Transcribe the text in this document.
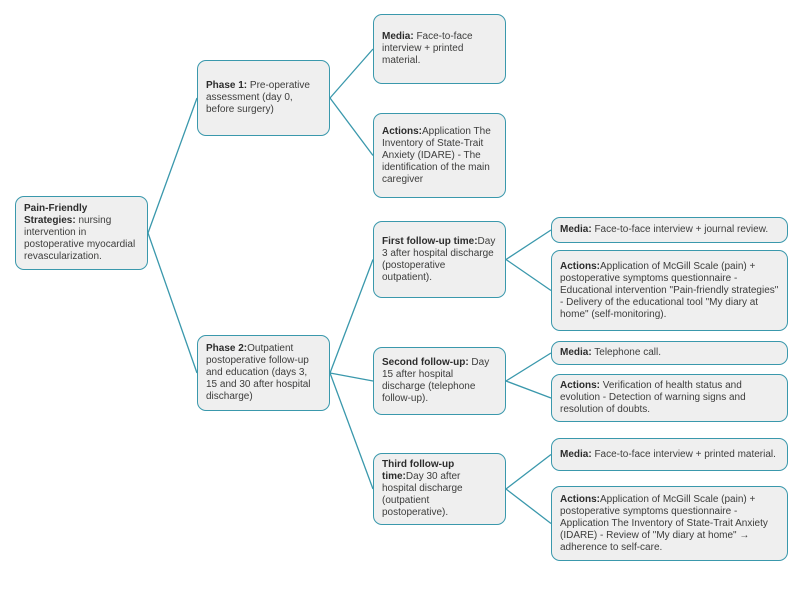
Pain-Friendly Strategies: nursing intervention in postoperative myocardial revascularization.
Phase 1: Pre-operative assessment (day 0, before surgery)
Media: Face-to-face interview + printed material.
Actions:Application The Inventory of State-Trait Anxiety (IDARE) - The identification of the main caregiver
Phase 2:Outpatient postoperative follow-up and education (days 3, 15 and 30 after hospital discharge)
First follow-up time:Day 3 after hospital discharge (postoperative outpatient).
Second follow-up: Day 15 after hospital discharge (telephone follow-up).
Third follow-up time:Day 30 after hospital discharge (outpatient postoperative).
Media: Face-to-face interview + journal review.
Actions:Application of McGill Scale (pain) + postoperative symptoms questionnaire - Educational intervention "Pain-friendly strategies" - Delivery of the educational tool "My diary at home" (self-monitoring).
Media: Telephone call.
Actions: Verification of health status and evolution - Detection of warning signs and resolution of doubts.
Media: Face-to-face interview + printed material.
Actions:Application of McGill Scale (pain) + postoperative symptoms questionnaire - Application The Inventory of State-Trait Anxiety (IDARE) - Review of "My diary at home" → adherence to self-care.
